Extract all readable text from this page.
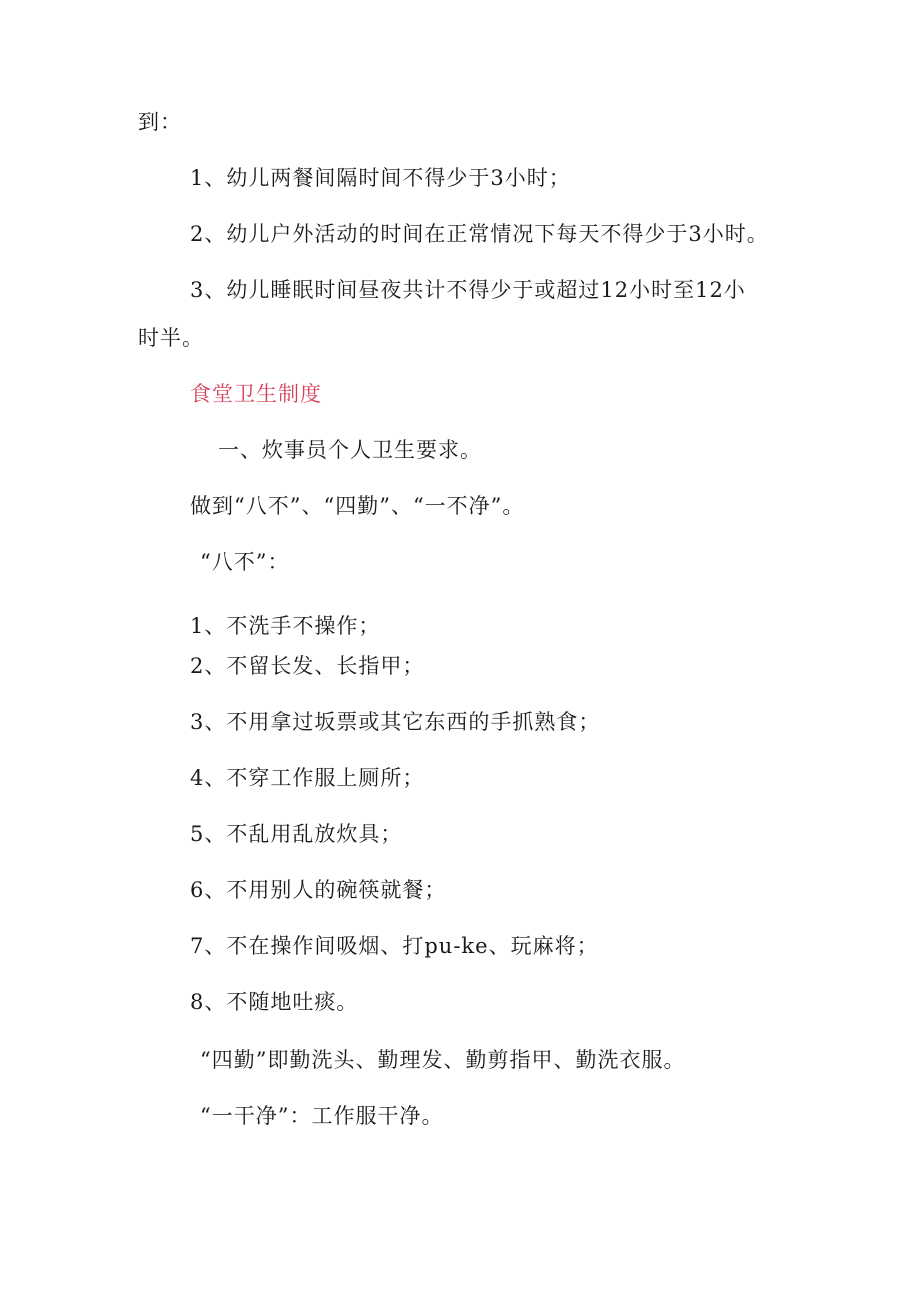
到：
1、幼儿两餐间隔时间不得少于3小时；
2、幼儿户外活动的时间在正常情况下每天不得少于3小时。
3、幼儿睡眠时间昼夜共计不得少于或超过12小时至12小
时半。
食堂卫生制度
一、炊事员个人卫生要求。
做到“八不”、“四勤”、“一不净”。
“八不”：
1、不洗手不操作；
2、不留长发、长指甲；
3、不用拿过坂票或其它东西的手抓熟食；
4、不穿工作服上厕所；
5、不乱用乱放炊具；
6、不用别人的碗筷就餐；
7、不在操作间吸烟、打pu-ke、玩麻将；
8、不随地吐痰。
“四勤”即勤洗头、勤理发、勤剪指甲、勤洗衣服。
“一干净”：工作服干净。
